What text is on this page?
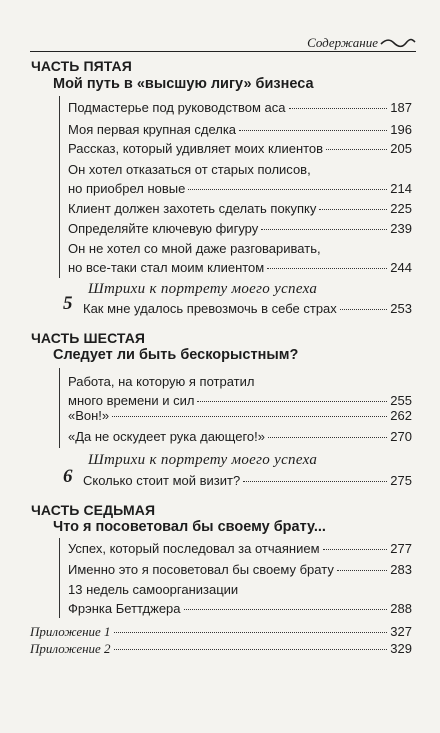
Содержание
ЧАСТЬ ПЯТАЯ
Мой путь в «высшую лигу» бизнеса
Подмастерье под руководством аса	187
Моя первая крупная сделка	196
Рассказ, который удивляет моих клиентов	205
Он хотел отказаться от старых полисов,
но приобрел новые	214
Клиент должен захотеть сделать покупку	225
Определяйте ключевую фигуру	239
Он не хотел со мной даже разговаривать,
но все-таки стал моим клиентом	244
Штрихи к портрету моего успеха
5 Как мне удалось превозмочь в себе страх	253
ЧАСТЬ ШЕСТАЯ
Следует ли быть бескорыстным?
Работа, на которую я потратил
много времени и сил	255
«Вон!»	262
«Да не оскудеет рука дающего!»	270
Штрихи к портрету моего успеха
6 Сколько стоит мой визит?	275
ЧАСТЬ СЕДЬМАЯ
Что я посоветовал бы своему брату...
Успех, который последовал за отчаянием	277
Именно это я посоветовал бы своему брату	283
13 недель самоорганизации
Фрэнка Беттджера	288
Приложение 1	327
Приложение 2	329
